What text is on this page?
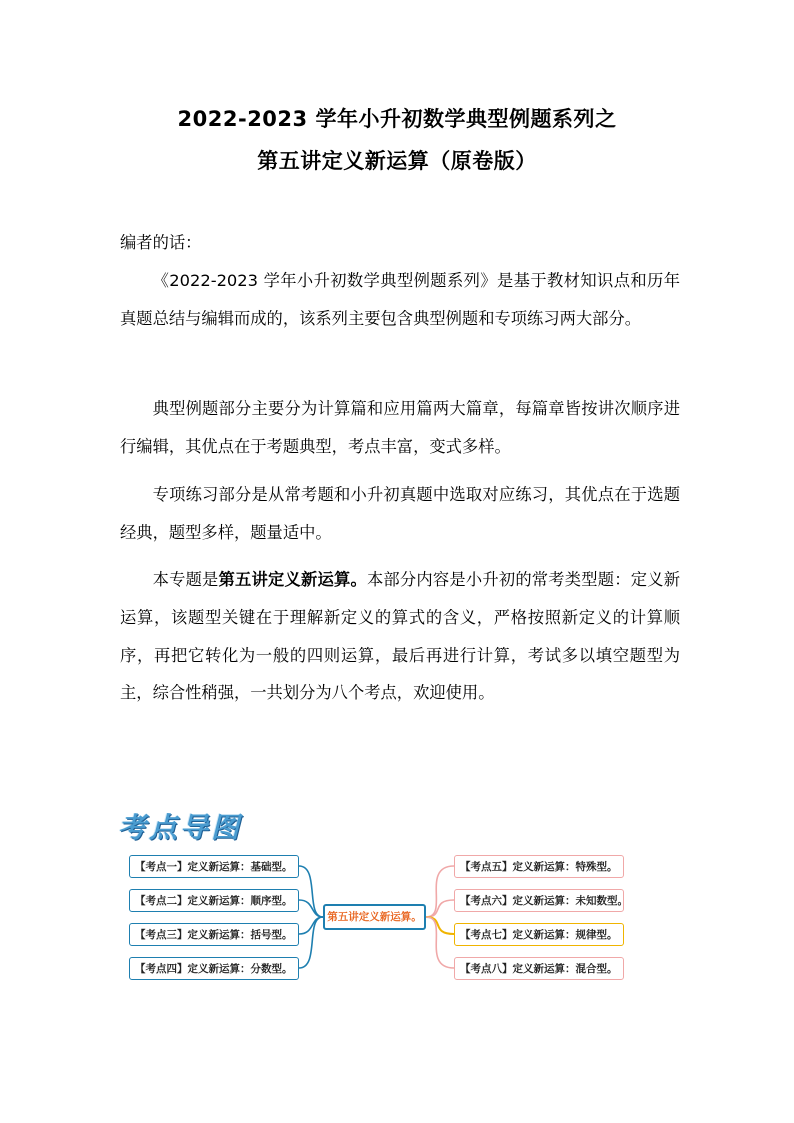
2022-2023 学年小升初数学典型例题系列之
第五讲定义新运算（原卷版）

编者的话：

《2022-2023 学年小升初数学典型例题系列》是基于教材知识点和历年真题总结与编辑而成的，该系列主要包含典型例题和专项练习两大部分。

典型例题部分主要分为计算篇和应用篇两大篇章，每篇章皆按讲次顺序进行编辑，其优点在于考题典型，考点丰富，变式多样。

专项练习部分是从常考题和小升初真题中选取对应练习，其优点在于选题经典，题型多样，题量适中。

本专题是第五讲定义新运算。本部分内容是小升初的常考类型题：定义新运算，该题型关键在于理解新定义的算式的含义，严格按照新定义的计算顺序，再把它转化为一般的四则运算，最后再进行计算，考试多以填空题型为主，综合性稍强，一共划分为八个考点，欢迎使用。

考点导图
第五讲定义新运算。
【考点一】定义新运算：基础型。
【考点二】定义新运算：顺序型。
【考点三】定义新运算：括号型。
【考点四】定义新运算：分数型。
【考点五】定义新运算：特殊型。
【考点六】定义新运算：未知数型。
【考点七】定义新运算：规律型。
【考点八】定义新运算：混合型。
